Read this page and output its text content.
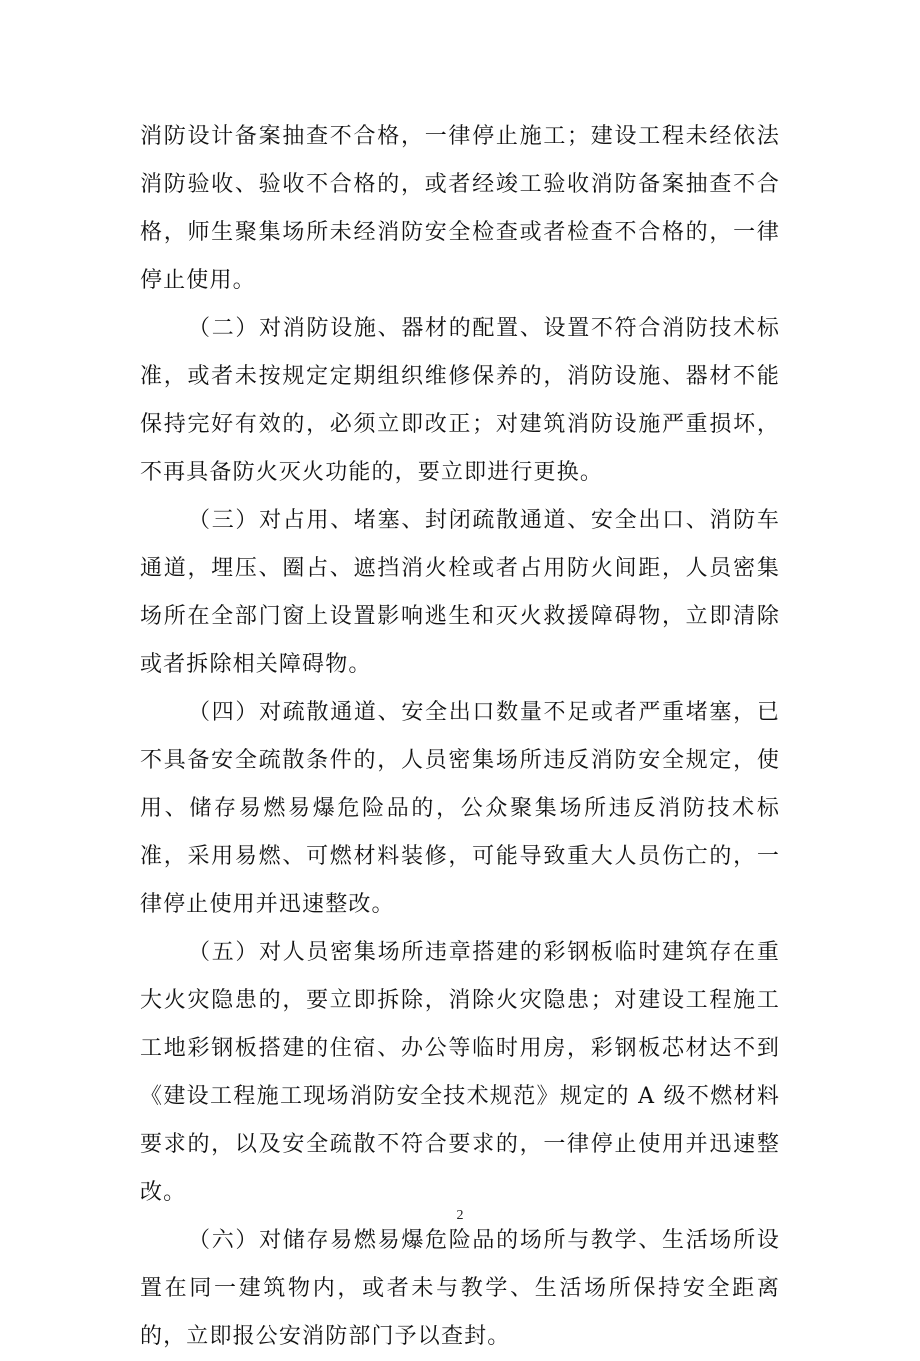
消防设计备案抽查不合格，一律停止施工；建设工程未经依法消防验收、验收不合格的，或者经竣工验收消防备案抽查不合格，师生聚集场所未经消防安全检查或者检查不合格的，一律停止使用。

（二）对消防设施、器材的配置、设置不符合消防技术标准，或者未按规定定期组织维修保养的，消防设施、器材不能保持完好有效的，必须立即改正；对建筑消防设施严重损坏，不再具备防火灭火功能的，要立即进行更换。

（三）对占用、堵塞、封闭疏散通道、安全出口、消防车通道，埋压、圈占、遮挡消火栓或者占用防火间距，人员密集场所在全部门窗上设置影响逃生和灭火救援障碍物，立即清除或者拆除相关障碍物。

（四）对疏散通道、安全出口数量不足或者严重堵塞，已不具备安全疏散条件的，人员密集场所违反消防安全规定，使用、储存易燃易爆危险品的，公众聚集场所违反消防技术标准，采用易燃、可燃材料装修，可能导致重大人员伤亡的，一律停止使用并迅速整改。

（五）对人员密集场所违章搭建的彩钢板临时建筑存在重大火灾隐患的，要立即拆除，消除火灾隐患；对建设工程施工工地彩钢板搭建的住宿、办公等临时用房，彩钢板芯材达不到《建设工程施工现场消防安全技术规范》规定的 A 级不燃材料要求的，以及安全疏散不符合要求的，一律停止使用并迅速整改。

（六）对储存易燃易爆危险品的场所与教学、生活场所设置在同一建筑物内，或者未与教学、生活场所保持安全距离的，立即报公安消防部门予以查封。

2
